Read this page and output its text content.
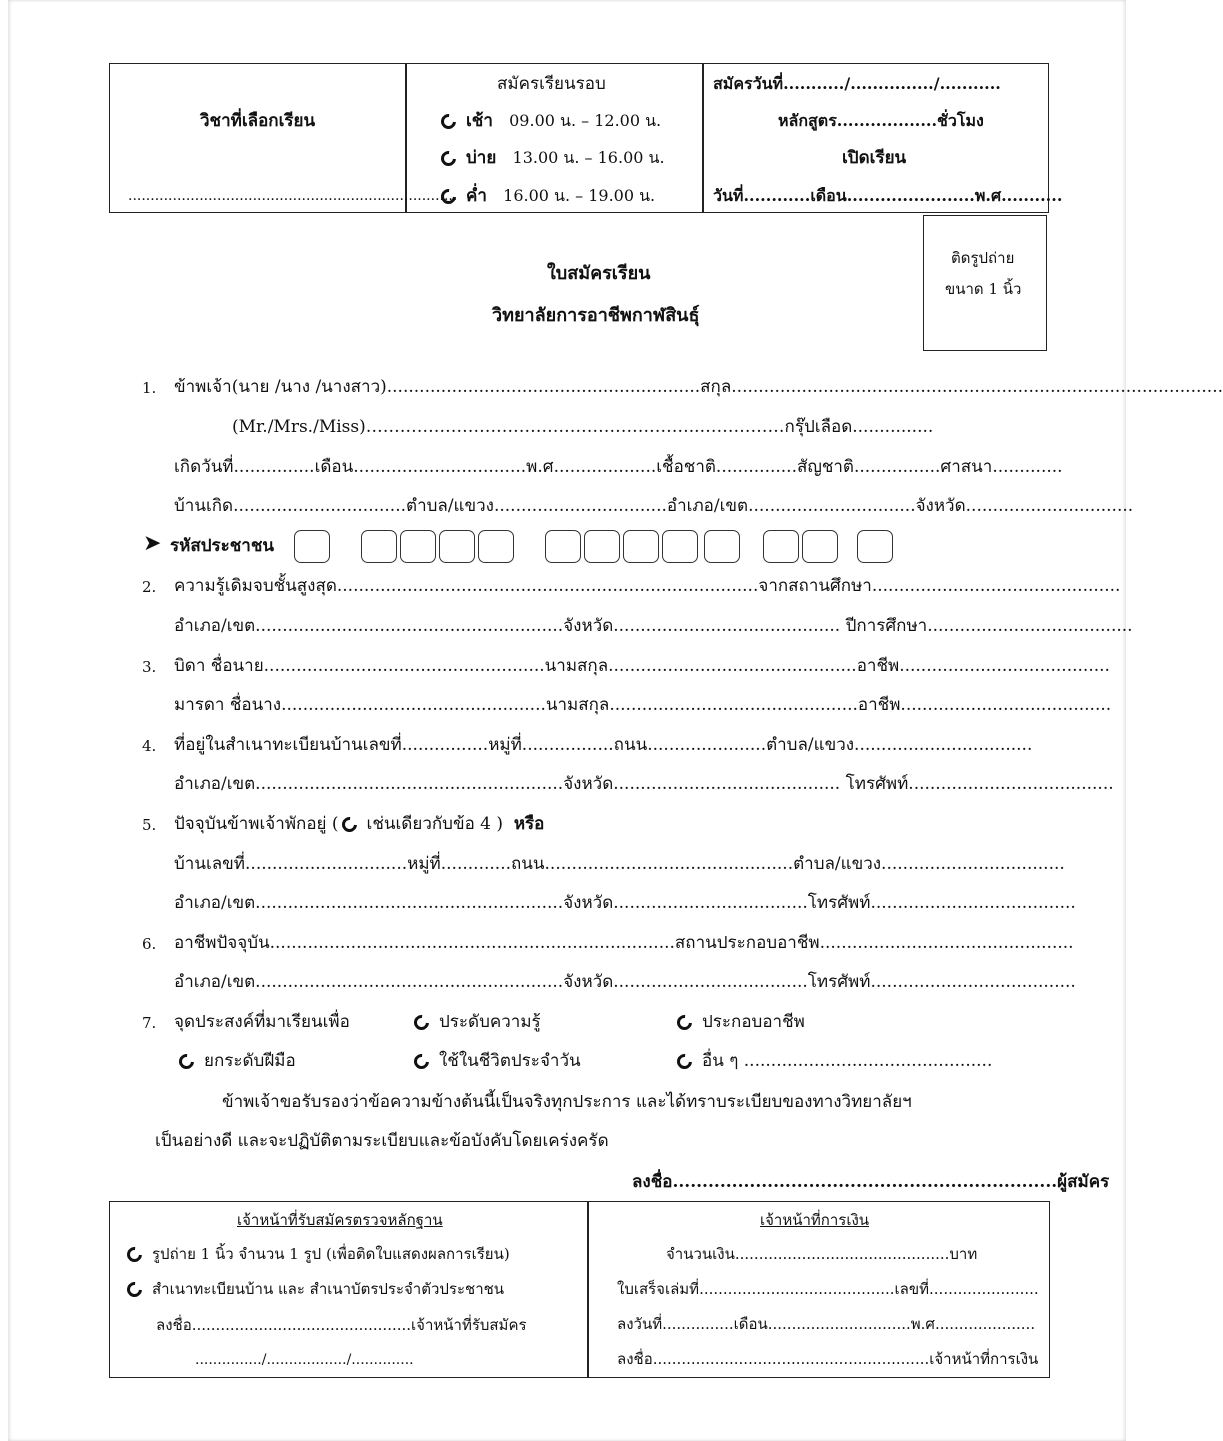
วิชาที่เลือกเรียน
..........................................................................
สมัครเรียนรอบ
เช้า 09.00 น. – 12.00 น.
บ่าย 13.00 น. – 16.00 น.
ค่ำ 16.00 น. – 19.00 น.
สมัครวันที่.........../.............../...........
หลักสูตร..................ชั่วโมง
เปิดเรียน
วันที่............เดือน.......................พ.ศ...........
ติดรูปถ่าย
ขนาด 1 นิ้ว
ใบสมัครเรียน
วิทยาลัยการอาชีพกาฬสินธุ์
1. ข้าพเจ้า(นาย /นาง /นางสาว)..........................................................สกุล...........................................................................................
(Mr./Mrs./Miss)…………………………………………………..……………กรุ๊ปเลือด...............
เกิดวันที่...............เดือน................................พ.ศ...................เชื้อชาติ...............สัญชาติ................ศาสนา.............
บ้านเกิด................................ตำบล/แขวง................................อำเภอ/เขต...............................จังหวัด...............................
➤ รหัสประชาชน
2. ความรู้เดิมจบชั้นสูงสุด..............................................................................จากสถานศึกษา..............................................
อำเภอ/เขต.........................................................จังหวัด.......................................... ปีการศึกษา......................................
3. บิดา ชื่อนาย....................................................นามสกุล..............................................อาชีพ.......................................
มารดา ชื่อนาง.................................................นามสกุล..............................................อาชีพ.......................................
4. ที่อยู่ในสำเนาทะเบียนบ้านเลขที่................หมู่ที่.................ถนน......................ตำบล/แขวง.................................
อำเภอ/เขต.........................................................จังหวัด.......................................... โทรศัพท์......................................
5. ปัจจุบันข้าพเจ้าพักอยู่ ( เช่นเดียวกับข้อ 4 ) หรือ
บ้านเลขที่..............................หมู่ที่.............ถนน..............................................ตำบล/แขวง..................................
อำเภอ/เขต.........................................................จังหวัด....................................โทรศัพท์......................................
6. อาชีพปัจจุบัน...........................................................................สถานประกอบอาชีพ...............................................
อำเภอ/เขต.........................................................จังหวัด....................................โทรศัพท์......................................
7. จุดประสงค์ที่มาเรียนเพื่อ	ประดับความรู้	ประกอบอาชีพ
ยกระดับฝีมือ	ใช้ในชีวิตประจำวัน	อื่น ๆ ..............................................
ข้าพเจ้าขอรับรองว่าข้อความข้างต้นนี้เป็นจริงทุกประการ และได้ทราบระเบียบของทางวิทยาลัยฯ
เป็นอย่างดี และจะปฏิบัติตามระเบียบและข้อบังคับโดยเคร่งครัด
ลงชื่อ.................................................................ผู้สมัคร
เจ้าหน้าที่รับสมัครตรวจหลักฐาน
รูปถ่าย 1 นิ้ว จำนวน 1 รูป (เพื่อติดใบแสดงผลการเรียน)
สำเนาทะเบียนบ้าน และ สำเนาบัตรประจำตัวประชาชน
ลงชื่อ..............................................เจ้าหน้าที่รับสมัคร
.............../................../..............
เจ้าหน้าที่การเงิน
จำนวนเงิน.............................................บาท
ใบเสร็จเล่มที่.........................................เลขที่.......................
ลงวันที่...............เดือน..............................พ.ศ.....................
ลงชื่อ..........................................................เจ้าหน้าที่การเงิน
